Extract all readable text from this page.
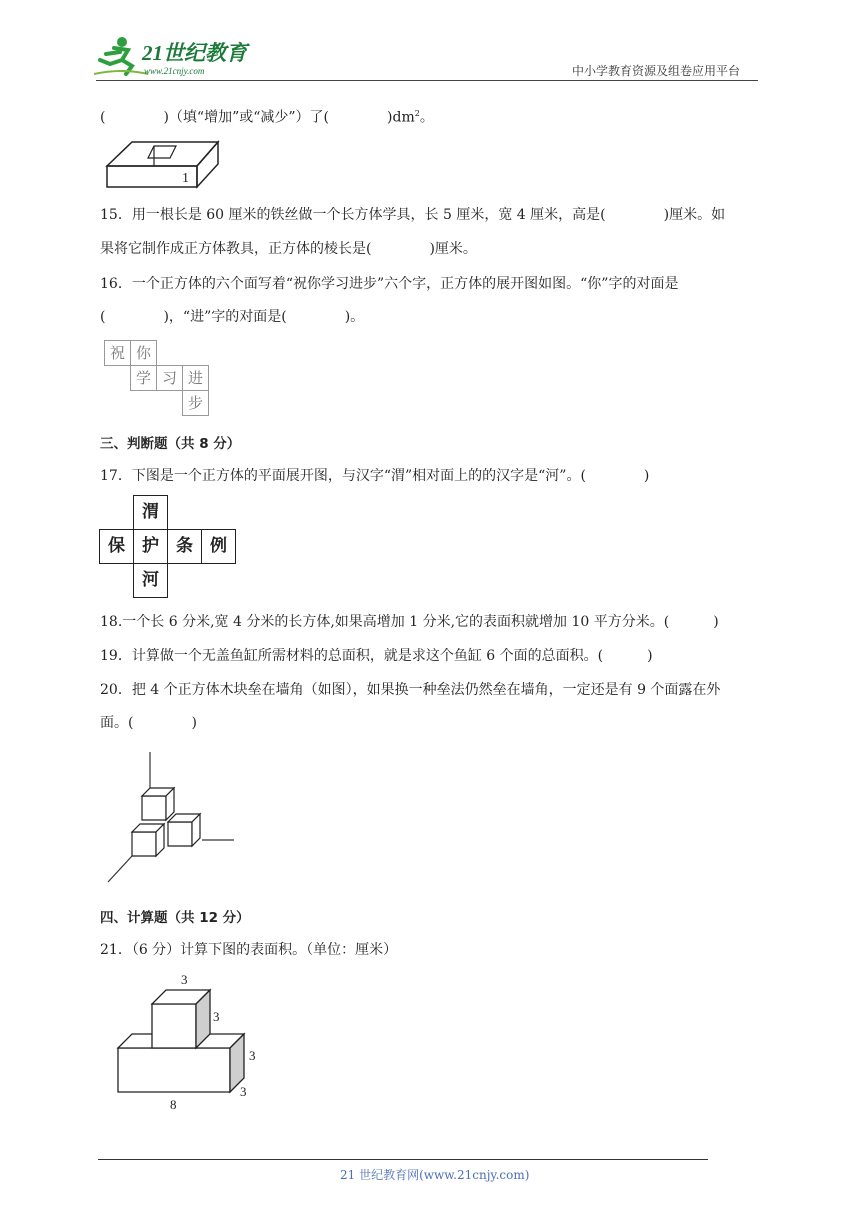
21世纪教育
www.21cnjy.com	中小学教育资源及组卷应用平台
(	)（填“增加”或“减少”）了(	)$dm^2$。
1
15．用一根长是 60 厘米的铁丝做一个长方体学具，长 5 厘米，宽 4 厘米，高是(	)厘米。如
果将它制作成正方体教具，正方体的棱长是(	)厘米。
16．一个正方体的六个面写着“祝你学习进步”六个字，正方体的展开图如图。“你”字的对面是
(	)，“进”字的对面是(	)。
祝 你
学 习 进
步
三、判断题（共 8 分）
17．下图是一个正方体的平面展开图，与汉字“渭”相对面上的的汉字是“河”。(	)
渭
保	护	条	例
河
18.一个长 6 分米,宽 4 分米的长方体,如果高增加 1 分米,它的表面积就增加 10 平方分米。(	)
19．计算做一个无盖鱼缸所需材料的总面积，就是求这个鱼缸 6 个面的总面积。(	)
20．把 4 个正方体木块垒在墙角（如图），如果换一种垒法仍然垒在墙角，一定还是有 9 个面露在外
面。(	)
四、计算题（共 12 分）
21．（6 分）计算下图的表面积。（单位：厘米）
3
3
3
3
8
21 世纪教育网(www.21cnjy.com)
